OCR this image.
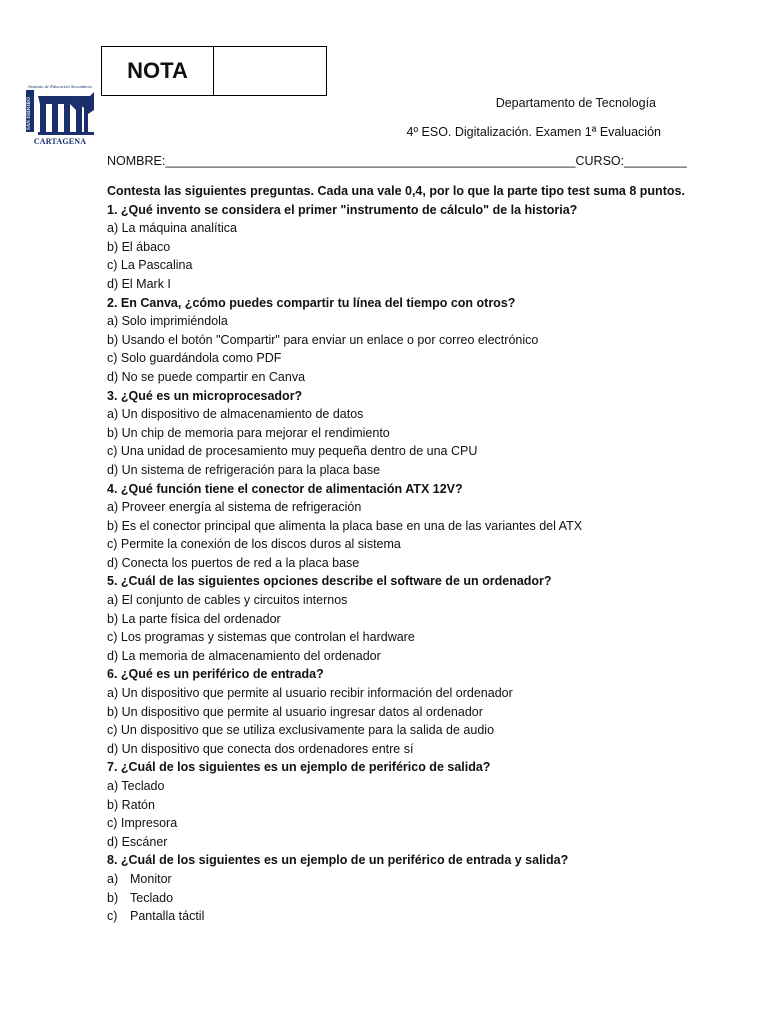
NOTA
Instituto de Educación Secundaria
SAN ISIDORO
CARTAGENA
Departamento de Tecnología
4º ESO. Digitalización. Examen 1ª Evaluación
NOMBRE:___________________________________________________________CURSO:_________
Contesta las siguientes preguntas. Cada una vale 0,4, por lo que la parte tipo test suma 8 puntos.
1. ¿Qué invento se considera el primer "instrumento de cálculo" de la historia?
a) La máquina analítica
b) El ábaco
c) La Pascalina
d) El Mark I
2. En Canva, ¿cómo puedes compartir tu línea del tiempo con otros?
a) Solo imprimiéndola
b) Usando el botón "Compartir" para enviar un enlace o por correo electrónico
c) Solo guardándola como PDF
d) No se puede compartir en Canva
3. ¿Qué es un microprocesador?
a) Un dispositivo de almacenamiento de datos
b) Un chip de memoria para mejorar el rendimiento
c) Una unidad de procesamiento muy pequeña dentro de una CPU
d) Un sistema de refrigeración para la placa base
4. ¿Qué función tiene el conector de alimentación ATX 12V?
a) Proveer energía al sistema de refrigeración
b) Es el conector principal que alimenta la placa base en una de las variantes del ATX
c) Permite la conexión de los discos duros al sistema
d) Conecta los puertos de red a la placa base
5. ¿Cuál de las siguientes opciones describe el software de un ordenador?
a) El conjunto de cables y circuitos internos
b) La parte física del ordenador
c) Los programas y sistemas que controlan el hardware
d) La memoria de almacenamiento del ordenador
6. ¿Qué es un periférico de entrada?
a) Un dispositivo que permite al usuario recibir información del ordenador
b) Un dispositivo que permite al usuario ingresar datos al ordenador
c) Un dispositivo que se utiliza exclusivamente para la salida de audio
d) Un dispositivo que conecta dos ordenadores entre sí
7. ¿Cuál de los siguientes es un ejemplo de periférico de salida?
a) Teclado
b) Ratón
c) Impresora
d) Escáner
8. ¿Cuál de los siguientes es un ejemplo de un periférico de entrada y salida?
a) Monitor
b) Teclado
c) Pantalla táctil
